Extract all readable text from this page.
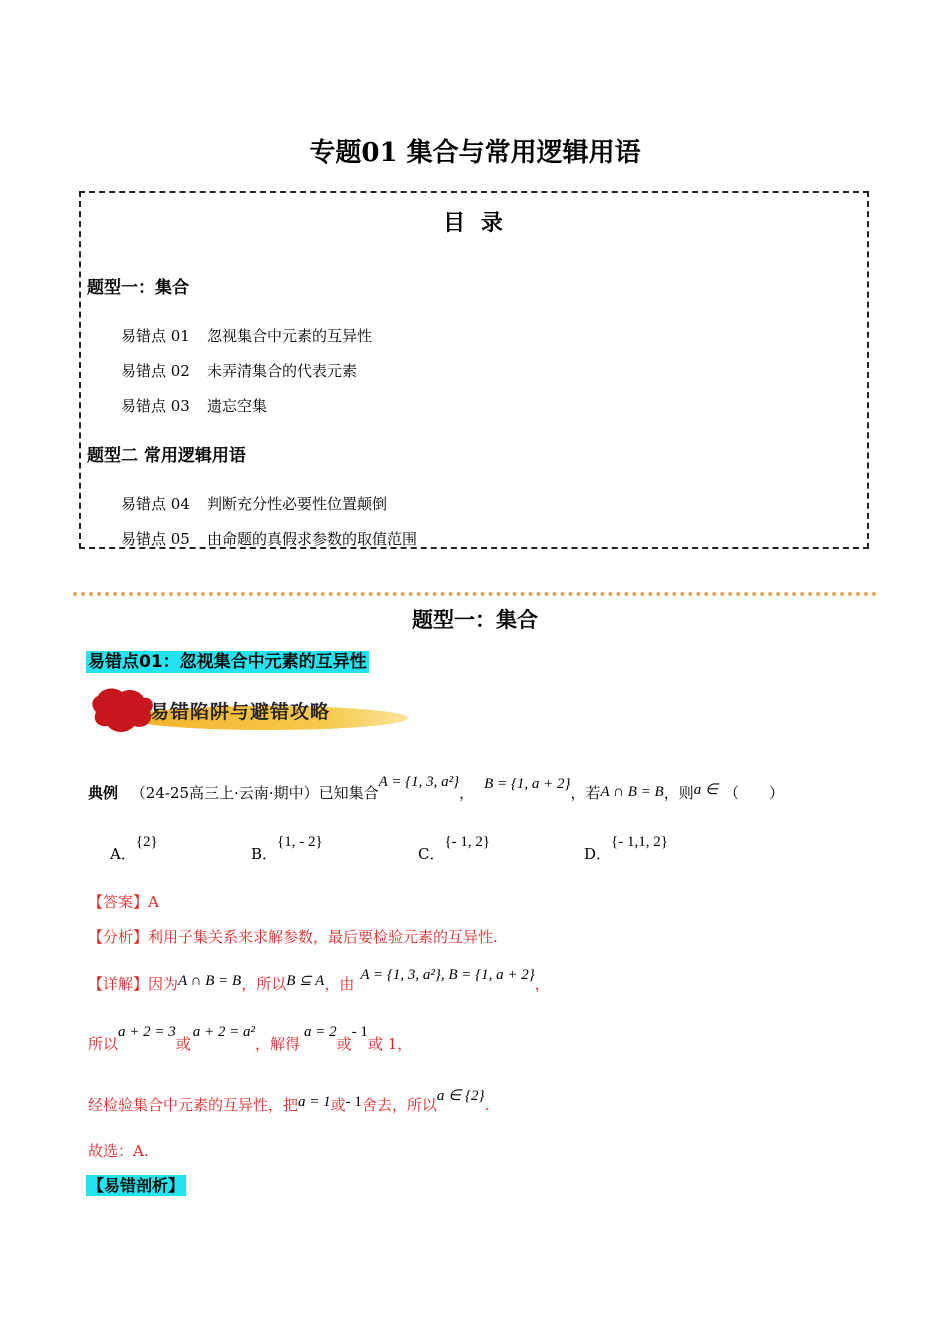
专题01 集合与常用逻辑用语
目 录
题型一：集合
易错点 01 忽视集合中元素的互异性
易错点 02 未弄清集合的代表元素
易错点 03 遗忘空集
题型二 常用逻辑用语
易错点 04 判断充分性必要性位置颠倒
易错点 05 由命题的真假求参数的取值范围
题型一：集合
易错点01：忽视集合中元素的互异性
易错陷阱与避错攻略
典例 （24-25高三上·云南·期中）已知集合A = {1, 3, a²}， B = {1, a + 2}，若A ∩ B = B，则a ∈ （　　）
A．{2}
B．{1, - 2}
C．{- 1, 2}
D．{- 1,1, 2}
【答案】A
【分析】利用子集关系来求解参数，最后要检验元素的互异性.
【详解】因为A ∩ B = B，所以B ⊆ A，由 A = {1, 3, a²}, B = {1, a + 2}，
所以a + 2 = 3或a + 2 = a²，解得a = 2或- 1或 1，
经检验集合中元素的互异性，把a = 1或- 1舍去，所以a ∈ {2}.
故选：A.
【易错剖析】
